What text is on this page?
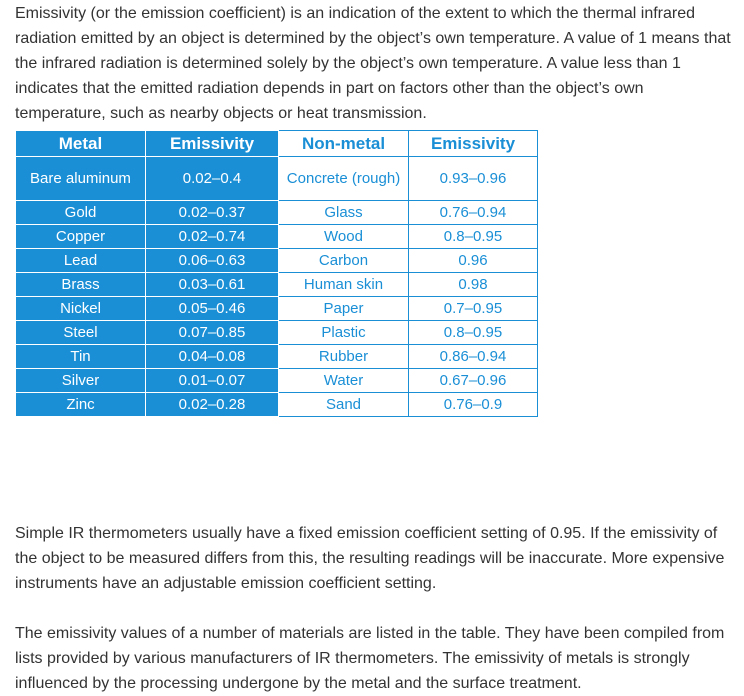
Emissivity (or the emission coefficient) is an indication of the extent to which the thermal infrared radiation emitted by an object is determined by the object’s own temperature. A value of 1 means that the infrared radiation is determined solely by the object’s own temperature. A value less than 1 indicates that the emitted radiation depends in part on factors other than the object’s own temperature, such as nearby objects or heat transmission.

Metal	Emissivity	Non-metal	Emissivity
Bare aluminum	0.02–0.4	Concrete (rough)	0.93–0.96
Gold	0.02–0.37	Glass	0.76–0.94
Copper	0.02–0.74	Wood	0.8–0.95
Lead	0.06–0.63	Carbon	0.96
Brass	0.03–0.61	Human skin	0.98
Nickel	0.05–0.46	Paper	0.7–0.95
Steel	0.07–0.85	Plastic	0.8–0.95
Tin	0.04–0.08	Rubber	0.86–0.94
Silver	0.01–0.07	Water	0.67–0.96
Zinc	0.02–0.28	Sand	0.76–0.9

Simple IR thermometers usually have a fixed emission coefficient setting of 0.95. If the emissivity of the object to be measured differs from this, the resulting readings will be inaccurate. More expensive instruments have an adjustable emission coefficient setting.

The emissivity values of a number of materials are listed in the table. They have been compiled from lists provided by various manufacturers of IR thermometers. The emissivity of metals is strongly influenced by the processing undergone by the metal and the surface treatment.
